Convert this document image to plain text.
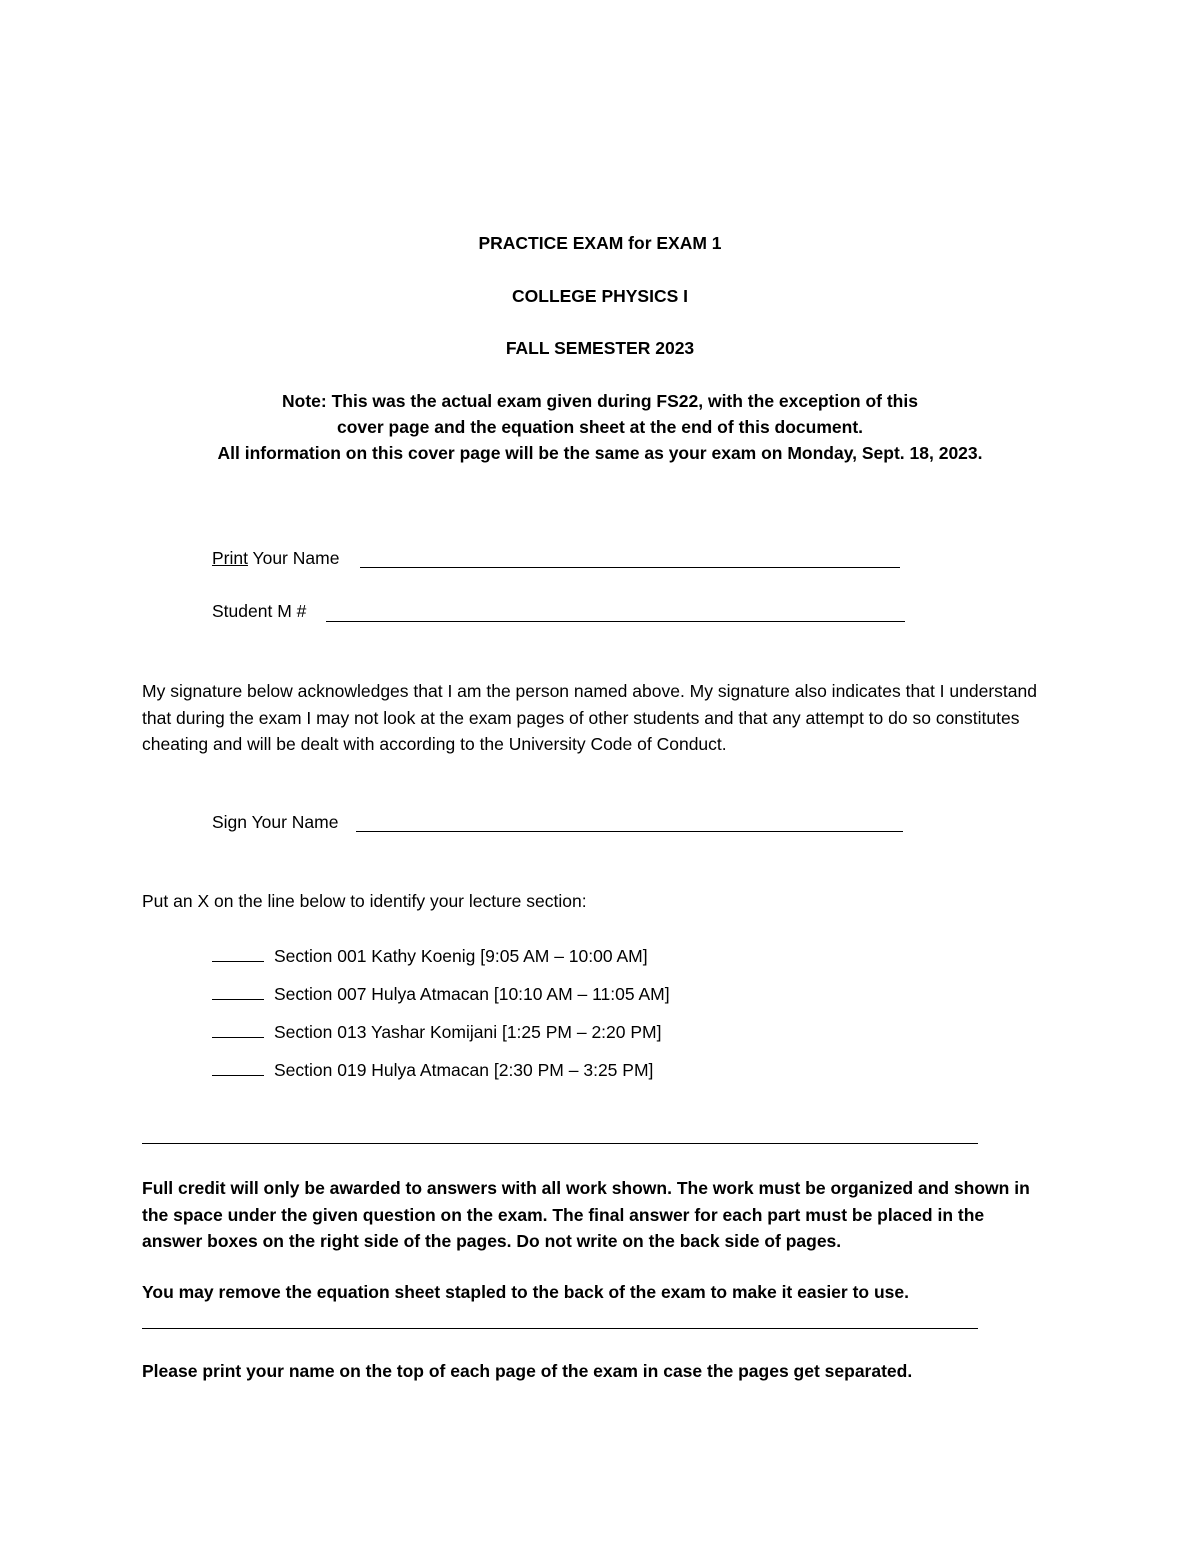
PRACTICE EXAM for EXAM 1
COLLEGE PHYSICS I
FALL SEMESTER 2023
Note: This was the actual exam given during FS22, with the exception of this
cover page and the equation sheet at the end of this document.
All information on this cover page will be the same as your exam on Monday, Sept. 18, 2023.
Print Your Name
Student M #
My signature below acknowledges that I am the person named above. My signature also indicates that I understand that during the exam I may not look at the exam pages of other students and that any attempt to do so constitutes cheating and will be dealt with according to the University Code of Conduct.
Sign Your Name
Put an X on the line below to identify your lecture section:
Section 001 Kathy Koenig [9:05 AM – 10:00 AM]
Section 007 Hulya Atmacan [10:10 AM – 11:05 AM]
Section 013 Yashar Komijani [1:25 PM – 2:20 PM]
Section 019 Hulya Atmacan [2:30 PM – 3:25 PM]
Full credit will only be awarded to answers with all work shown. The work must be organized and shown in the space under the given question on the exam. The final answer for each part must be placed in the answer boxes on the right side of the pages. Do not write on the back side of pages.
You may remove the equation sheet stapled to the back of the exam to make it easier to use.
Please print your name on the top of each page of the exam in case the pages get separated.
